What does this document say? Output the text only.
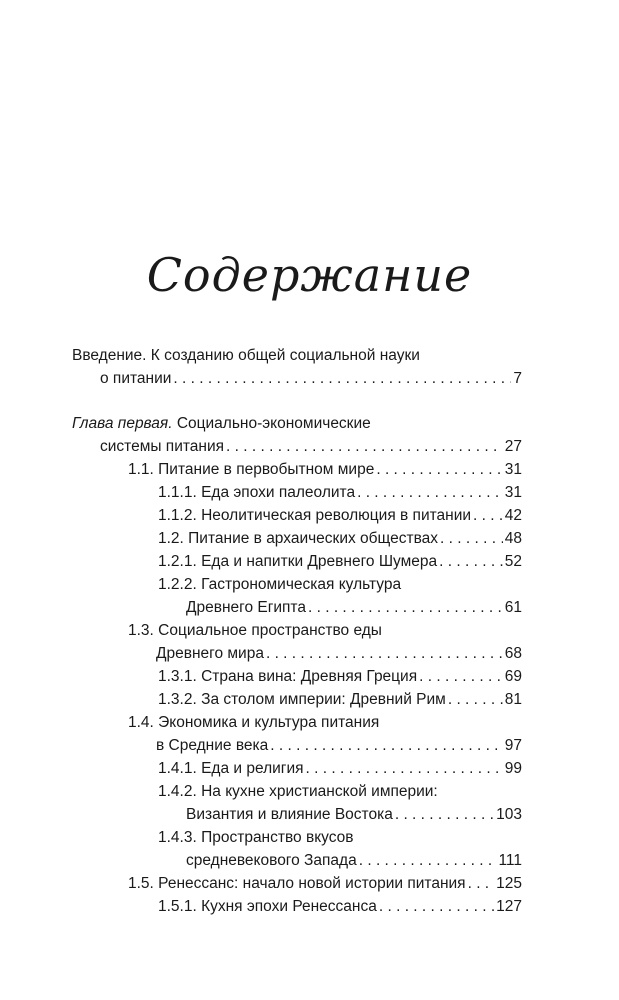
Содержание
Введение. К созданию общей социальной науки
о питании . . .	7
Глава первая. Социально-экономические
системы питания . . .	27
1.1. Питание в первобытном мире . . .	31
1.1.1. Еда эпохи палеолита . . .	31
1.1.2. Неолитическая революция в питании . . . 42
1.2. Питание в архаических обществах . . .	48
1.2.1. Еда и напитки Древнего Шумера . . .	52
1.2.2. Гастрономическая культура
Древнего Египта . . .	61
1.3. Социальное пространство еды
Древнего мира . . .	68
1.3.1. Страна вина: Древняя Греция . . .	69
1.3.2. За столом империи: Древний Рим . . .	81
1.4. Экономика и культура питания
в Средние века . . .	97
1.4.1. Еда и религия . . .	99
1.4.2. На кухне христианской империи:
Византия и влияние Востока . . .	103
1.4.3. Пространство вкусов
средневекового Запада . . .	111
1.5. Ренессанс: начало новой истории питания . . . 125
1.5.1. Кухня эпохи Ренессанса . . .	127
